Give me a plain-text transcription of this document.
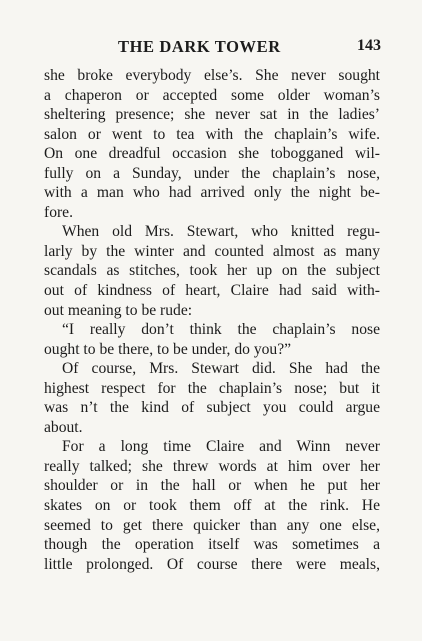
THE DARK TOWER	143
she broke everybody else’s. She never sought
a chaperon or accepted some older woman’s
sheltering presence; she never sat in the ladies’
salon or went to tea with the chaplain’s wife.
On one dreadful occasion she tobogganed wil-
fully on a Sunday, under the chaplain’s nose,
with a man who had arrived only the night be-
fore.
When old Mrs. Stewart, who knitted regu-
larly by the winter and counted almost as many
scandals as stitches, took her up on the subject
out of kindness of heart, Claire had said with-
out meaning to be rude:
“I really don’t think the chaplain’s nose
ought to be there, to be under, do you?”
Of course, Mrs. Stewart did. She had the
highest respect for the chaplain’s nose; but it
was n’t the kind of subject you could argue
about.
For a long time Claire and Winn never
really talked; she threw words at him over her
shoulder or in the hall or when he put her
skates on or took them off at the rink. He
seemed to get there quicker than any one else,
though the operation itself was sometimes a
little prolonged. Of course there were meals,
